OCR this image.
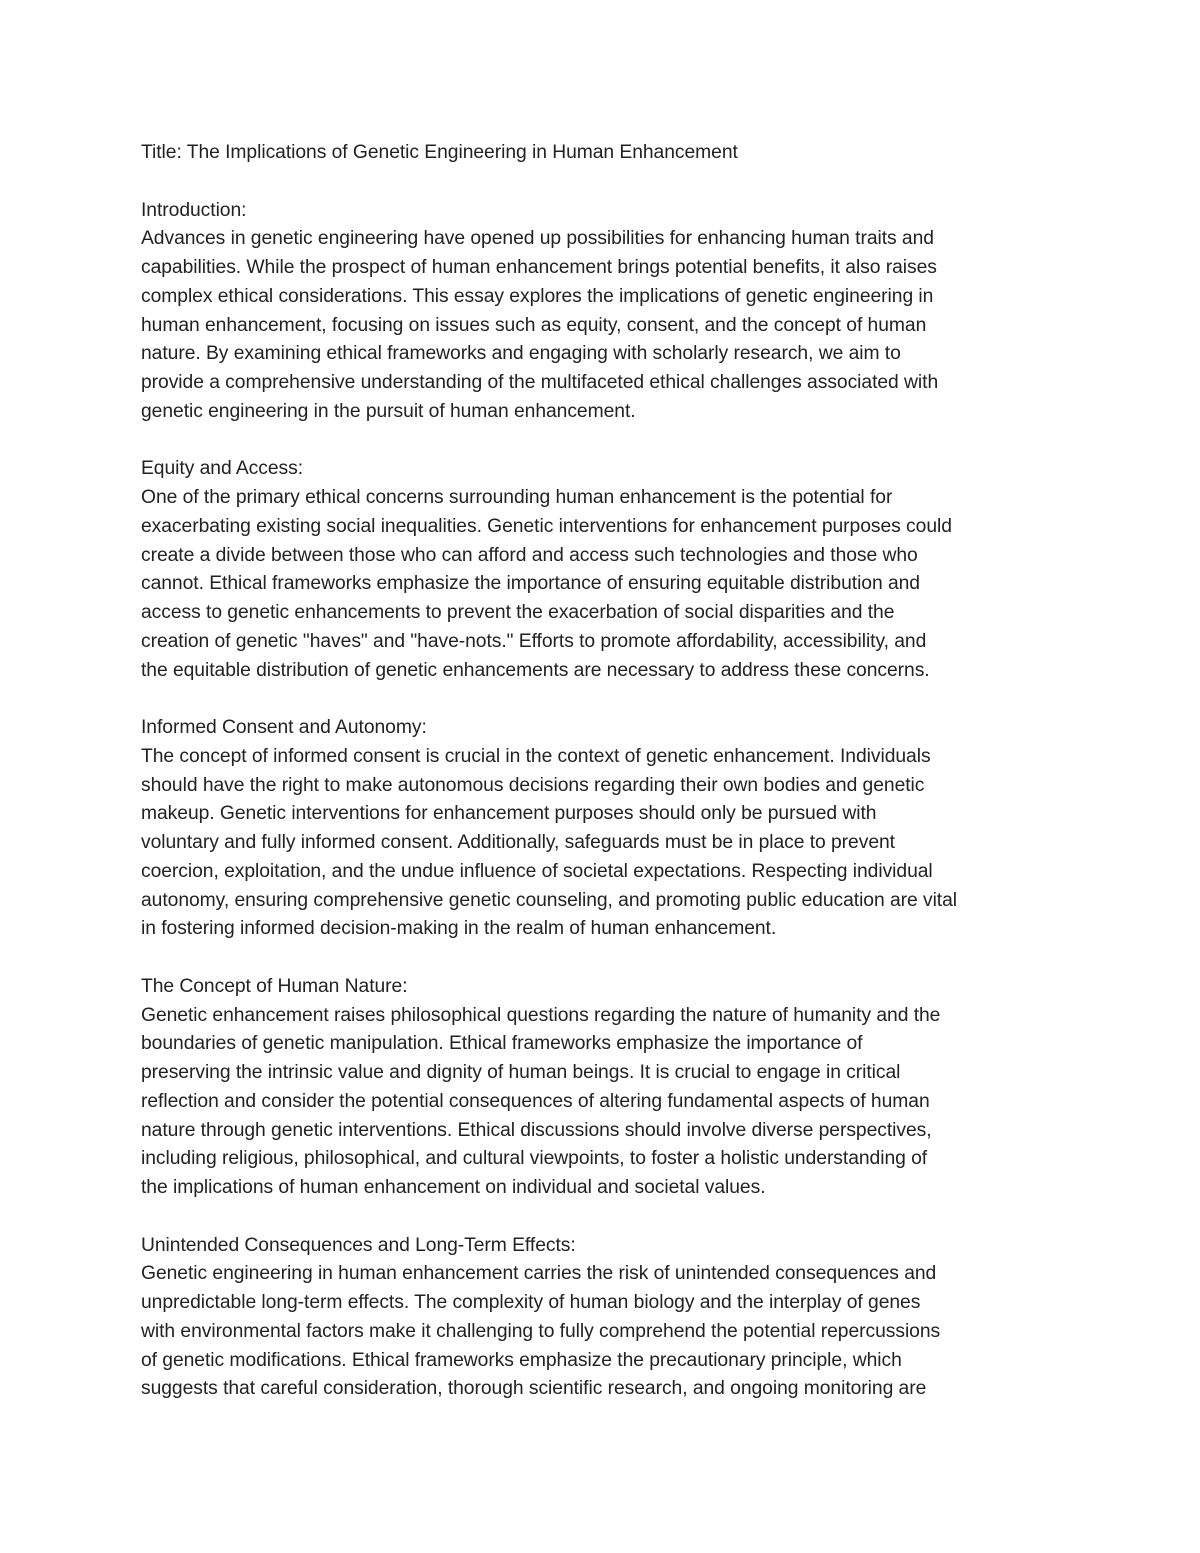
Title: The Implications of Genetic Engineering in Human Enhancement

Introduction:

Advances in genetic engineering have opened up possibilities for enhancing human traits and

capabilities. While the prospect of human enhancement brings potential benefits, it also raises

complex ethical considerations. This essay explores the implications of genetic engineering in

human enhancement, focusing on issues such as equity, consent, and the concept of human

nature. By examining ethical frameworks and engaging with scholarly research, we aim to

provide a comprehensive understanding of the multifaceted ethical challenges associated with

genetic engineering in the pursuit of human enhancement.

Equity and Access:

One of the primary ethical concerns surrounding human enhancement is the potential for

exacerbating existing social inequalities. Genetic interventions for enhancement purposes could

create a divide between those who can afford and access such technologies and those who

cannot. Ethical frameworks emphasize the importance of ensuring equitable distribution and

access to genetic enhancements to prevent the exacerbation of social disparities and the

creation of genetic "haves" and "have-nots." Efforts to promote affordability, accessibility, and

the equitable distribution of genetic enhancements are necessary to address these concerns.

Informed Consent and Autonomy:

The concept of informed consent is crucial in the context of genetic enhancement. Individuals

should have the right to make autonomous decisions regarding their own bodies and genetic

makeup. Genetic interventions for enhancement purposes should only be pursued with

voluntary and fully informed consent. Additionally, safeguards must be in place to prevent

coercion, exploitation, and the undue influence of societal expectations. Respecting individual

autonomy, ensuring comprehensive genetic counseling, and promoting public education are vital

in fostering informed decision-making in the realm of human enhancement.

The Concept of Human Nature:

Genetic enhancement raises philosophical questions regarding the nature of humanity and the

boundaries of genetic manipulation. Ethical frameworks emphasize the importance of

preserving the intrinsic value and dignity of human beings. It is crucial to engage in critical

reflection and consider the potential consequences of altering fundamental aspects of human

nature through genetic interventions. Ethical discussions should involve diverse perspectives,

including religious, philosophical, and cultural viewpoints, to foster a holistic understanding of

the implications of human enhancement on individual and societal values.

Unintended Consequences and Long-Term Effects:

Genetic engineering in human enhancement carries the risk of unintended consequences and

unpredictable long-term effects. The complexity of human biology and the interplay of genes

with environmental factors make it challenging to fully comprehend the potential repercussions

of genetic modifications. Ethical frameworks emphasize the precautionary principle, which

suggests that careful consideration, thorough scientific research, and ongoing monitoring are
